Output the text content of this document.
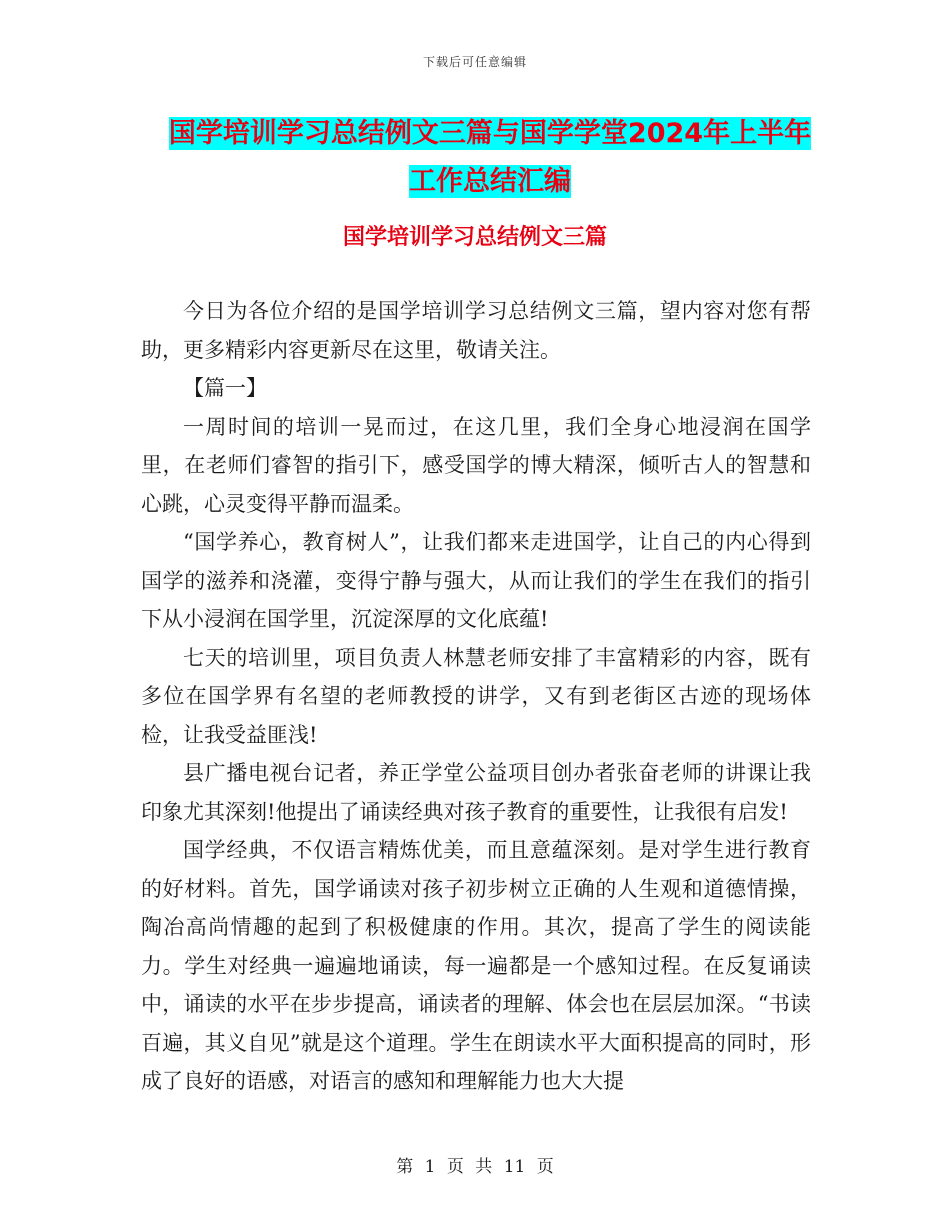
下载后可任意编辑
国学培训学习总结例文三篇与国学学堂2024年上半年
工作总结汇编
国学培训学习总结例文三篇

今日为各位介绍的是国学培训学习总结例文三篇，望内容对您有帮助，更多精彩内容更新尽在这里，敬请关注。

【篇一】

一周时间的培训一晃而过，在这几里，我们全身心地浸润在国学里，在老师们睿智的指引下，感受国学的博大精深，倾听古人的智慧和心跳，心灵变得平静而温柔。

“国学养心，教育树人”，让我们都来走进国学，让自己的内心得到国学的滋养和浇灌，变得宁静与强大，从而让我们的学生在我们的指引下从小浸润在国学里，沉淀深厚的文化底蕴!

七天的培训里，项目负责人林慧老师安排了丰富精彩的内容，既有多位在国学界有名望的老师教授的讲学，又有到老街区古迹的现场体检，让我受益匪浅!

县广播电视台记者，养正学堂公益项目创办者张奋老师的讲课让我印象尤其深刻!他提出了诵读经典对孩子教育的重要性，让我很有启发!

国学经典，不仅语言精炼优美，而且意蕴深刻。是对学生进行教育的好材料。首先，国学诵读对孩子初步树立正确的人生观和道德情操，陶冶高尚情趣的起到了积极健康的作用。其次，提高了学生的阅读能力。学生对经典一遍遍地诵读，每一遍都是一个感知过程。在反复诵读中，诵读的水平在步步提高，诵读者的理解、体会也在层层加深。“书读百遍，其义自见”就是这个道理。学生在朗读水平大面积提高的同时，形成了良好的语感，对语言的感知和理解能力也大大提

第 1 页 共 11 页
